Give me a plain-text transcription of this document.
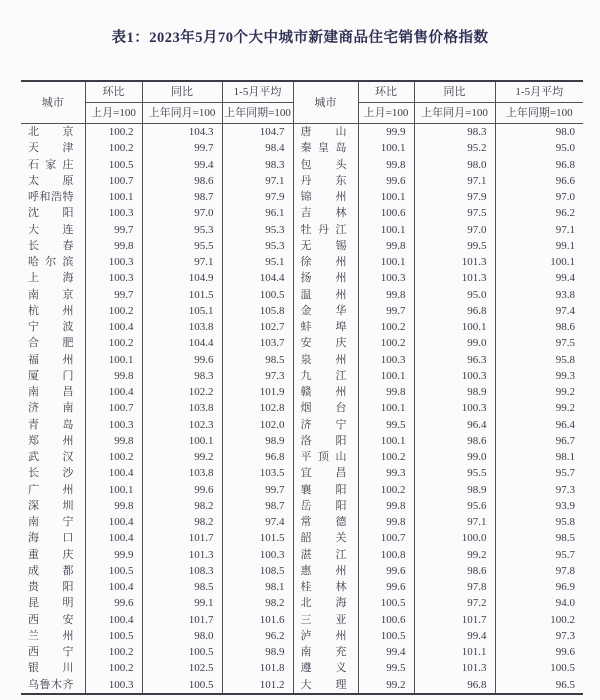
表1：2023年5月70个大中城市新建商品住宅销售价格指数
城市	环比	同比	1-5月平均	城市	环比	同比	1-5月平均
	上月=100	上年同月=100	上年同期=100		上月=100	上年同月=100	上年同期=100
北京	100.2	104.3	104.7	唐山	99.9	98.3	98.0
天津	100.2	99.7	98.4	秦皇岛	100.1	95.2	95.0
石家庄	100.5	99.4	98.3	包头	99.8	98.0	96.8
太原	100.7	98.6	97.1	丹东	99.6	97.1	96.6
呼和浩特	100.1	98.7	97.9	锦州	100.1	97.9	97.0
沈阳	100.3	97.0	96.1	吉林	100.6	97.5	96.2
大连	99.7	95.3	95.3	牡丹江	100.1	97.0	97.1
长春	99.8	95.5	95.3	无锡	99.8	99.5	99.1
哈尔滨	100.3	97.1	95.1	徐州	100.1	101.3	100.1
上海	100.3	104.9	104.4	扬州	100.3	101.3	99.4
南京	99.7	101.5	100.5	温州	99.8	95.0	93.8
杭州	100.2	105.1	105.8	金华	99.7	96.8	97.4
宁波	100.4	103.8	102.7	蚌埠	100.2	100.1	98.6
合肥	100.2	104.4	103.7	安庆	100.2	99.0	97.5
福州	100.1	99.6	98.5	泉州	100.3	96.3	95.8
厦门	99.8	98.3	97.3	九江	100.1	100.3	99.3
南昌	100.4	102.2	101.9	赣州	99.8	98.9	99.2
济南	100.7	103.8	102.8	烟台	100.1	100.3	99.2
青岛	100.3	102.3	102.0	济宁	99.5	96.4	96.4
郑州	99.8	100.1	98.9	洛阳	100.1	98.6	96.7
武汉	100.2	99.2	96.8	平顶山	100.2	99.0	98.1
长沙	100.4	103.8	103.5	宜昌	99.3	95.5	95.7
广州	100.1	99.6	99.7	襄阳	100.2	98.9	97.3
深圳	99.8	98.2	98.7	岳阳	99.8	95.6	93.9
南宁	100.4	98.2	97.4	常德	99.8	97.1	95.8
海口	100.4	101.7	101.5	韶关	100.7	100.0	98.5
重庆	99.9	101.3	100.3	湛江	100.8	99.2	95.7
成都	100.5	108.3	108.5	惠州	99.6	98.6	97.8
贵阳	100.4	98.5	98.1	桂林	99.6	97.8	96.9
昆明	99.6	99.1	98.2	北海	100.5	97.2	94.0
西安	100.4	101.7	101.6	三亚	100.6	101.7	100.2
兰州	100.5	98.0	96.2	泸州	100.5	99.4	97.3
西宁	100.2	100.5	98.9	南充	99.4	101.1	99.6
银川	100.2	102.5	101.8	遵义	99.5	101.3	100.5
乌鲁木齐	100.3	100.5	101.2	大理	99.2	96.8	96.5
